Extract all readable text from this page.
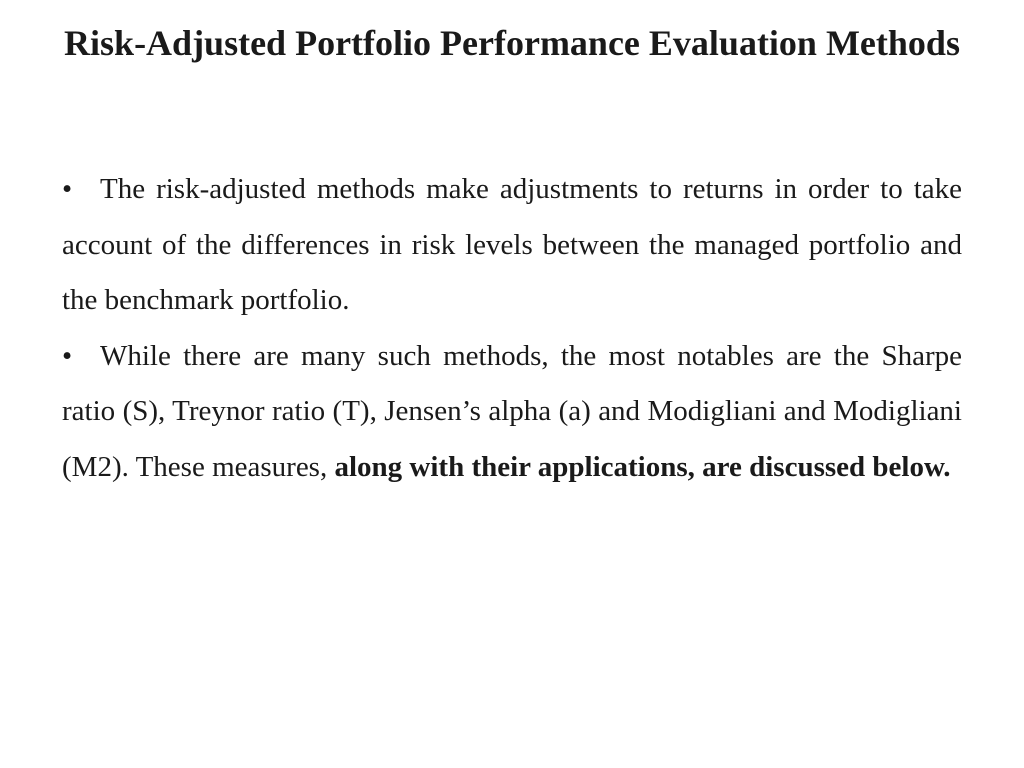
Risk-Adjusted Portfolio Performance Evaluation Methods

• The risk-adjusted methods make adjustments to returns in order to take account of the differences in risk levels between the managed portfolio and the benchmark portfolio.

• While there are many such methods, the most notables are the Sharpe ratio (S), Treynor ratio (T), Jensen’s alpha (a) and Modigliani and Modigliani (M2). These measures, along with their applications, are discussed below.
